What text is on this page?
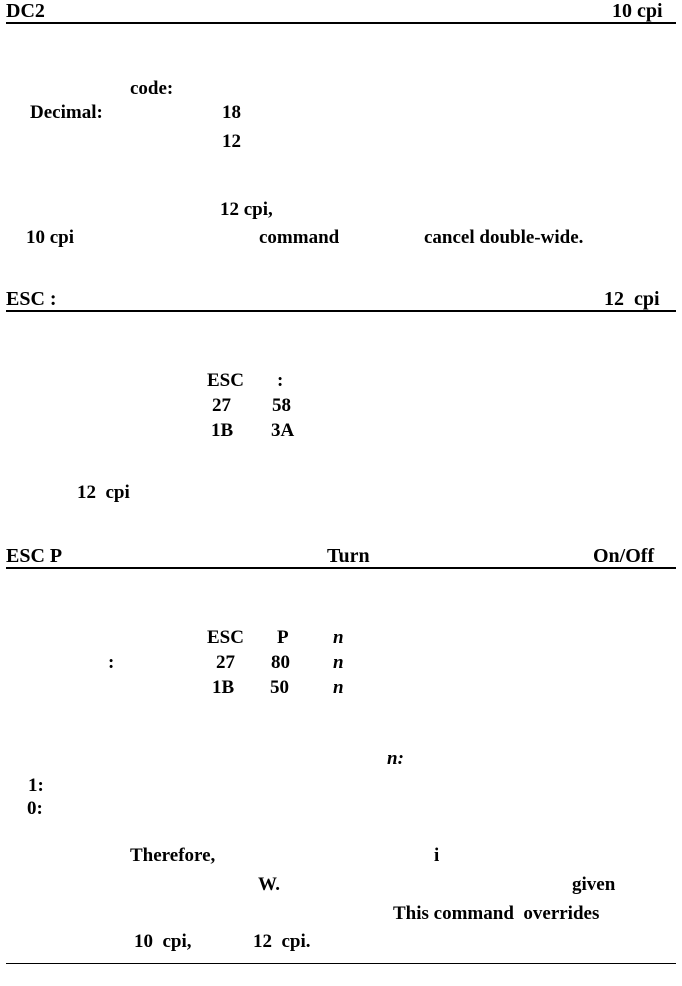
DC2	10 cpi
code:
Decimal:	18
12
12 cpi,
10 cpi	command	cancel double-wide.
ESC :	12  cpi
ESC :
27 58
1B 3A
12  cpi
ESC P	Turn	On/Off
ESC P n
:	27 80 n
1B 50 n
n:
1:
0:
Therefore,	i
W.	given
This command  overrides
10  cpi,	12  cpi.
